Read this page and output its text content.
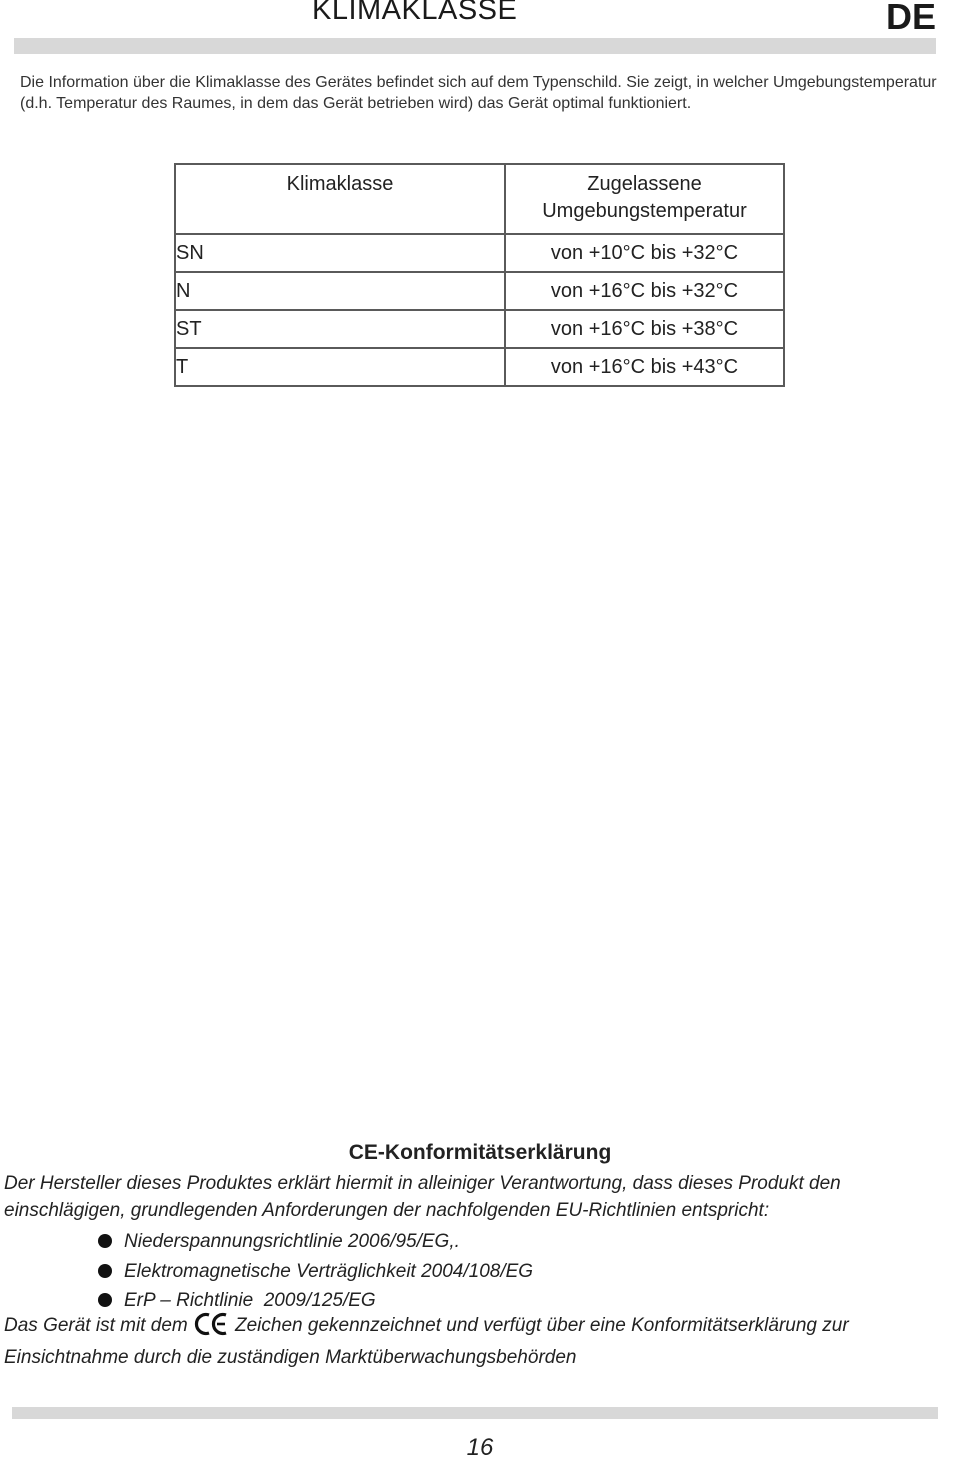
KLIMAKLASSE	DE

Die Information über die Klimaklasse des Gerätes befindet sich auf dem Typenschild. Sie zeigt, in welcher Umgebungstemperatur (d.h. Temperatur des Raumes, in dem das Gerät betrieben wird) das Gerät optimal funktioniert.

Klimaklasse	Zugelassene
Umgebungstemperatur

SN	von +10°C bis +32°C
N	von +16°C bis +32°C
ST	von +16°C bis +38°C
T	von +16°C bis +43°C
CE-Konformitätserklärung

Der Hersteller dieses Produktes erklärt hiermit in alleiniger Verantwortung, dass dieses Produkt den einschlägigen, grundlegenden Anforderungen der nachfolgenden EU-Richtlinien entspricht:

Niederspannungsrichtlinie 2006/95/EG,.
Elektromagnetische Verträglichkeit 2004/108/EG
ErP – Richtlinie  2009/125/EG

Das Gerät ist mit dem Zeichen gekennzeichnet und verfügt über eine Konformitätserklärung zur Einsichtnahme durch die zuständigen Marktüberwachungsbehörden

16
